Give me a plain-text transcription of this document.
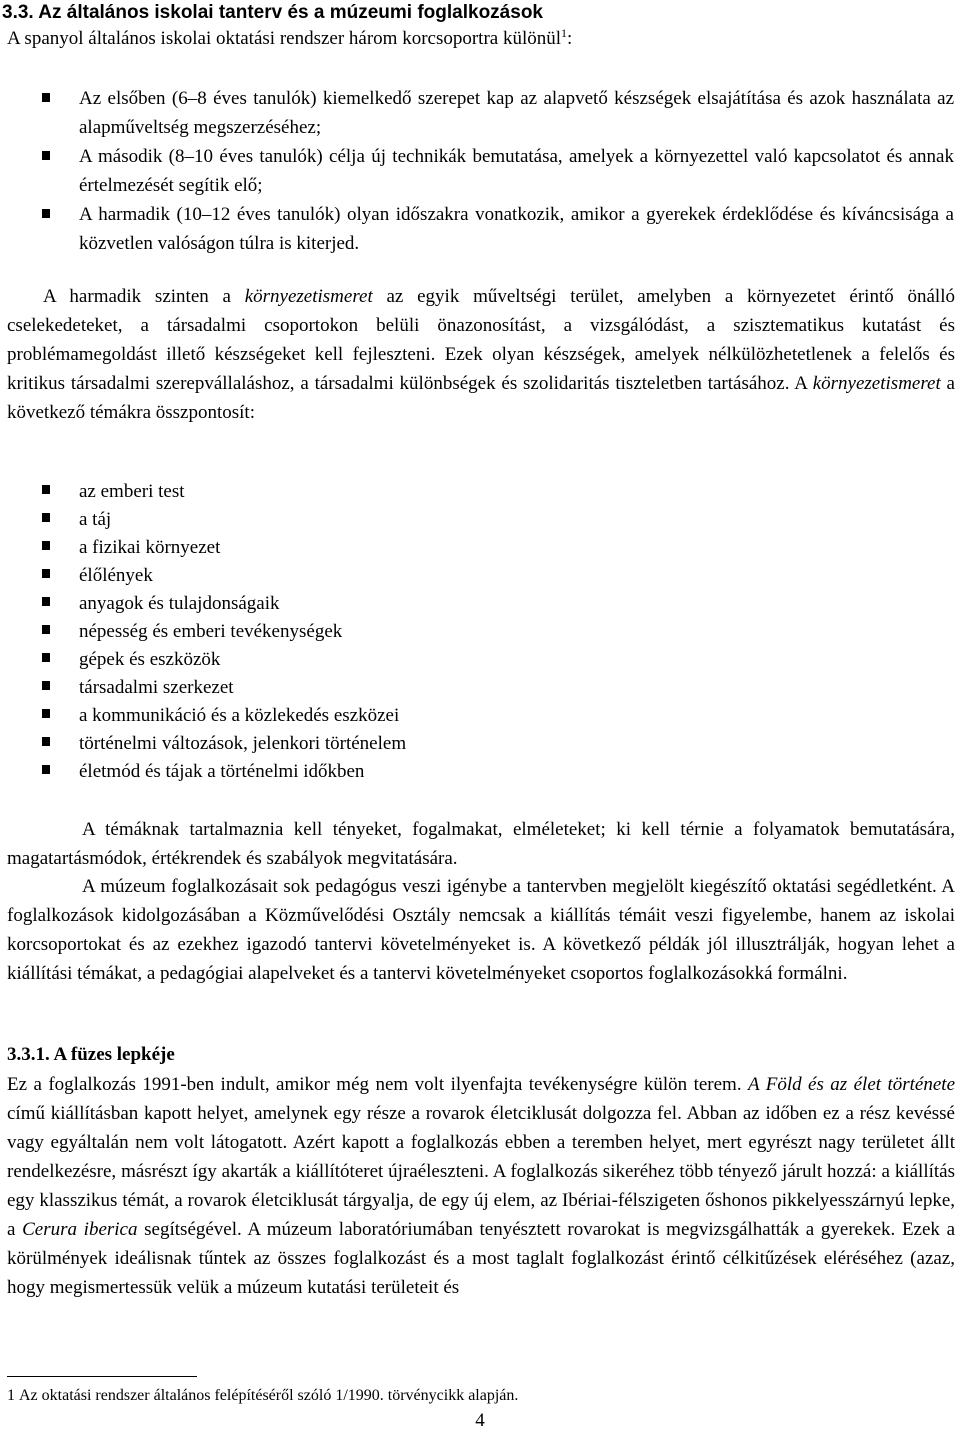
3.3. Az általános iskolai tanterv és a múzeumi foglalkozások
A spanyol általános iskolai oktatási rendszer három korcsoportra különül$^1$:
Az elsőben (6–8 éves tanulók) kiemelkedő szerepet kap az alapvető készségek elsajátítása és azok használata az alapműveltség megszerzéséhez;
A második (8–10 éves tanulók) célja új technikák bemutatása, amelyek a környezettel való kapcsolatot és annak értelmezését segítik elő;
A harmadik (10–12 éves tanulók) olyan időszakra vonatkozik, amikor a gyerekek érdeklődése és kíváncsisága a közvetlen valóságon túlra is kiterjed.

A harmadik szinten a környezetismeret az egyik műveltségi terület, amelyben a környezetet érintő önálló cselekedeteket, a társadalmi csoportokon belüli önazonosítást, a vizsgálódást, a szisztematikus kutatást és problémamegoldást illető készségeket kell fejleszteni. Ezek olyan készségek, amelyek nélkülözhetetlenek a felelős és kritikus társadalmi szerepvállaláshoz, a társadalmi különbségek és szolidaritás tiszteletben tartásához. A környezetismeret a következő témákra összpontosít:

az emberi test
a táj
a fizikai környezet
élőlények
anyagok és tulajdonságaik
népesség és emberi tevékenységek
gépek és eszközök
társadalmi szerkezet
a kommunikáció és a közlekedés eszközei
történelmi változások, jelenkori történelem
életmód és tájak a történelmi időkben

A témáknak tartalmaznia kell tényeket, fogalmakat, elméleteket; ki kell térnie a folyamatok bemutatására, magatartásmódok, értékrendek és szabályok megvitatására.

A múzeum foglalkozásait sok pedagógus veszi igénybe a tantervben megjelölt kiegészítő oktatási segédletként. A foglalkozások kidolgozásában a Közművelődési Osztály nemcsak a kiállítás témáit veszi figyelembe, hanem az iskolai korcsoportokat és az ezekhez igazodó tantervi követelményeket is. A következő példák jól illusztrálják, hogyan lehet a kiállítási témákat, a pedagógiai alapelveket és a tantervi követelményeket csoportos foglalkozásokká formálni.

3.3.1. A füzes lepkéje

Ez a foglalkozás 1991-ben indult, amikor még nem volt ilyenfajta tevékenységre külön terem. A Föld és az élet története című kiállításban kapott helyet, amelynek egy része a rovarok életciklusát dolgozza fel. Abban az időben ez a rész kevéssé vagy egyáltalán nem volt látogatott. Azért kapott a foglalkozás ebben a teremben helyet, mert egyrészt nagy területet állt rendelkezésre, másrészt így akarták a kiállítóteret újraéleszteni. A foglalkozás sikeréhez több tényező járult hozzá: a kiállítás egy klasszikus témát, a rovarok életciklusát tárgyalja, de egy új elem, az Ibériai-félszigeten őshonos pikkelyesszárnyú lepke, a Cerura iberica segítségével. A múzeum laboratóriumában tenyésztett rovarokat is megvizsgálhatták a gyerekek. Ezek a körülmények ideálisnak tűntek az összes foglalkozást és a most taglalt foglalkozást érintő célkitűzések eléréséhez (azaz, hogy megismertessük velük a múzeum kutatási területeit és

1 Az oktatási rendszer általános felépítéséről szóló 1/1990. törvénycikk alapján.
4
